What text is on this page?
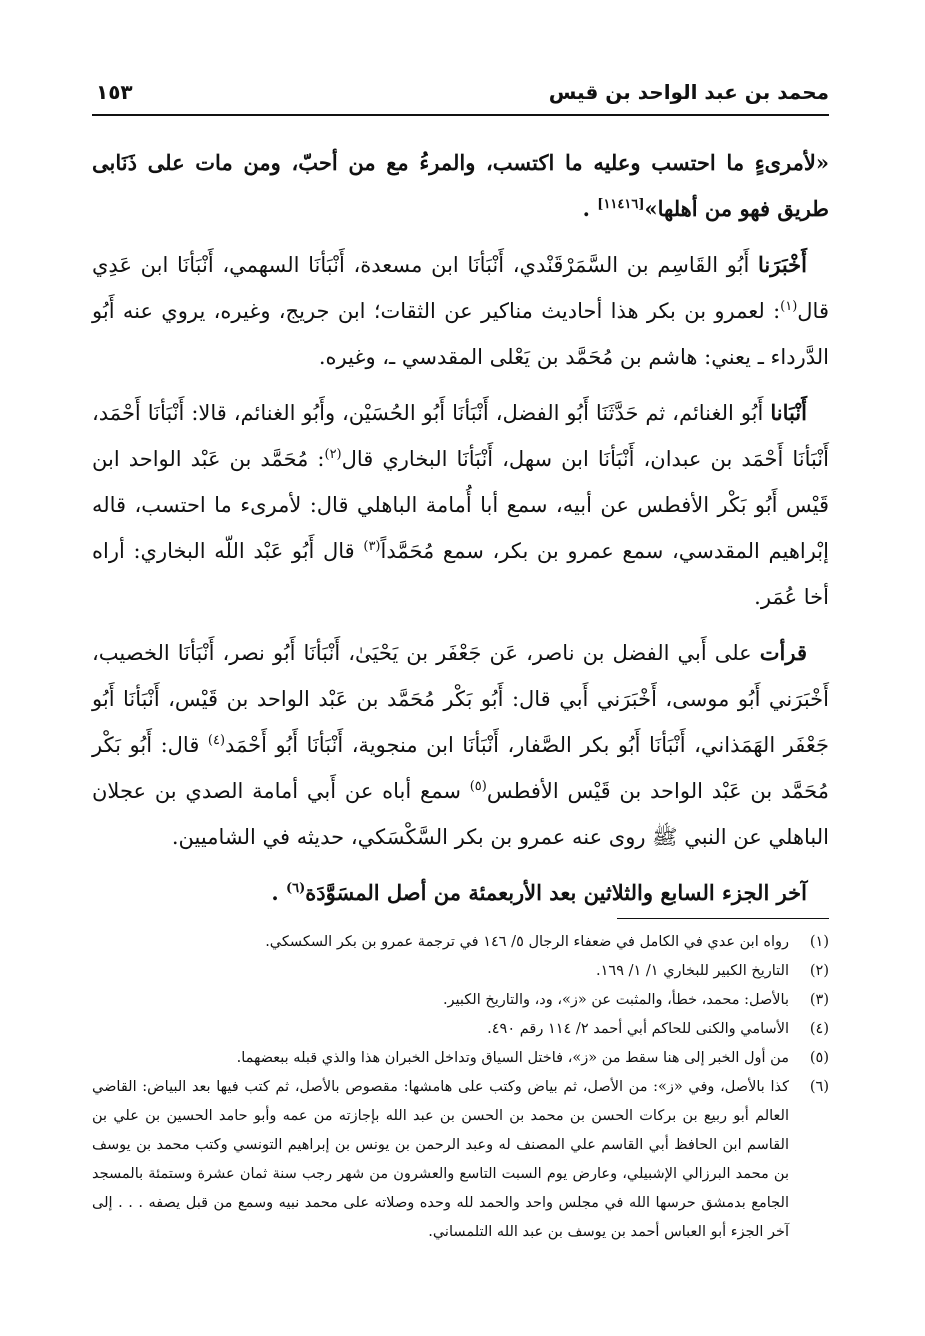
محمد بن عبد الواحد بن قيس
١٥٣

«لأمرىءٍ ما احتسب وعليه ما اكتسب، والمرءُ مع من أحبّ، ومن مات على ذَنَابى طريق فهو من أهلها»[١١٤١٦] .

أَخْبَرَنا أَبُو القَاسِم بن السَّمَرْقَنْدي، أَنْبَأنَا ابن مسعدة، أَنْبَأنَا السهمي، أَنْبَأنَا ابن عَدِي قال$^{(١)}$: لعمرو بن بكر هذا أحاديث مناكير عن الثقات؛ ابن جريج، وغيره، يروي عنه أَبُو الدَّرداء ـ يعني: هاشم بن مُحَمَّد بن يَعْلى المقدسي ـ، وغيره.

أَنْبَانا أَبُو الغنائم، ثم حَدَّثَنَا أَبُو الفضل، أَنْبَأنَا أَبُو الحُسَيْن، وأَبُو الغنائم، قالا: أَنْبَأنَا أَحْمَد، أَنْبَأنَا أَحْمَد بن عبدان، أَنْبَأنَا ابن سهل، أَنْبَأنَا البخاري قال$^{(٢)}$: مُحَمَّد بن عَبْد الواحد ابن قَيْس أَبُو بَكْر الأفطس عن أبيه، سمع أبا أُمامة الباهلي قال: لأمرىء ما احتسب، قاله إبْراهيم المقدسي، سمع عمرو بن بكر، سمع مُحَمَّداً$^{(٣)}$ قال أَبُو عَبْد اللّه البخاري: أراه أخا عُمَر.

قرأت على أَبي الفضل بن ناصر، عَن جَعْفَر بن يَحْيَىٰ، أَنْبَأنَا أَبُو نصر، أَنْبَأنَا الخصيب، أَخْبَرَني أَبُو موسى، أَخْبَرَني أَبي قال: أَبُو بَكْر مُحَمَّد بن عَبْد الواحد بن قَيْس، أَنْبَأنَا أَبُو جَعْفَر الهَمَذاني، أَنْبَأنَا أَبُو بكر الصَّفار، أَنْبَأنَا ابن منجوية، أَنْبَأنَا أَبُو أَحْمَد$^{(٤)}$ قال: أَبُو بَكْر مُحَمَّد بن عَبْد الواحد بن قَيْس الأفطس$^{(٥)}$ سمع أباه عن أَبي أمامة الصدي بن عجلان الباهلي عن النبي ﷺ روى عنه عمرو بن بكر السَّكْسَكي، حديثه في الشاميين.

آخر الجزء السابع والثلاثين بعد الأربعمئة من أصل المسَوَّدَة$^{(٦)}$ .

(١)
رواه ابن عدي في الكامل في ضعفاء الرجال ٥/ ١٤٦ في ترجمة عمرو بن بكر السكسكي.
(٢)
التاريخ الكبير للبخاري ١/ ١/ ١٦٩.
(٣)
بالأصل: محمد، خطأ، والمثبت عن «ز»، ود، والتاريخ الكبير.
(٤)
الأسامي والكنى للحاكم أبي أحمد ٢/ ١١٤ رقم ٤٩٠.
(٥)
من أول الخبر إلى هنا سقط من «ز»، فاختل السياق وتداخل الخبران هذا والذي قبله ببعضهما.
(٦)
كذا بالأصل، وفي «ز»: من الأصل، ثم بياض وكتب على هامشها: مقصوص بالأصل، ثم كتب فيها بعد البياض: القاضي العالم أبو ربيع بن بركات الحسن بن محمد بن الحسن بن عبد الله بإجازته من عمه وأبو حامد الحسين بن علي بن القاسم ابن الحافظ أبي القاسم علي المصنف له وعبد الرحمن بن يونس بن إبراهيم التونسي وكتب محمد بن يوسف بن محمد البرزالي الإشبيلي، وعارض يوم السبت التاسع والعشرون من شهر رجب سنة ثمان عشرة وستمئة بالمسجد الجامع بدمشق حرسها الله في مجلس واحد والحمد لله وحده وصلاته على محمد نبيه وسمع من قبل يصفه . . . إلى آخر الجزء أبو العباس أحمد بن يوسف بن عبد الله التلمساني.
